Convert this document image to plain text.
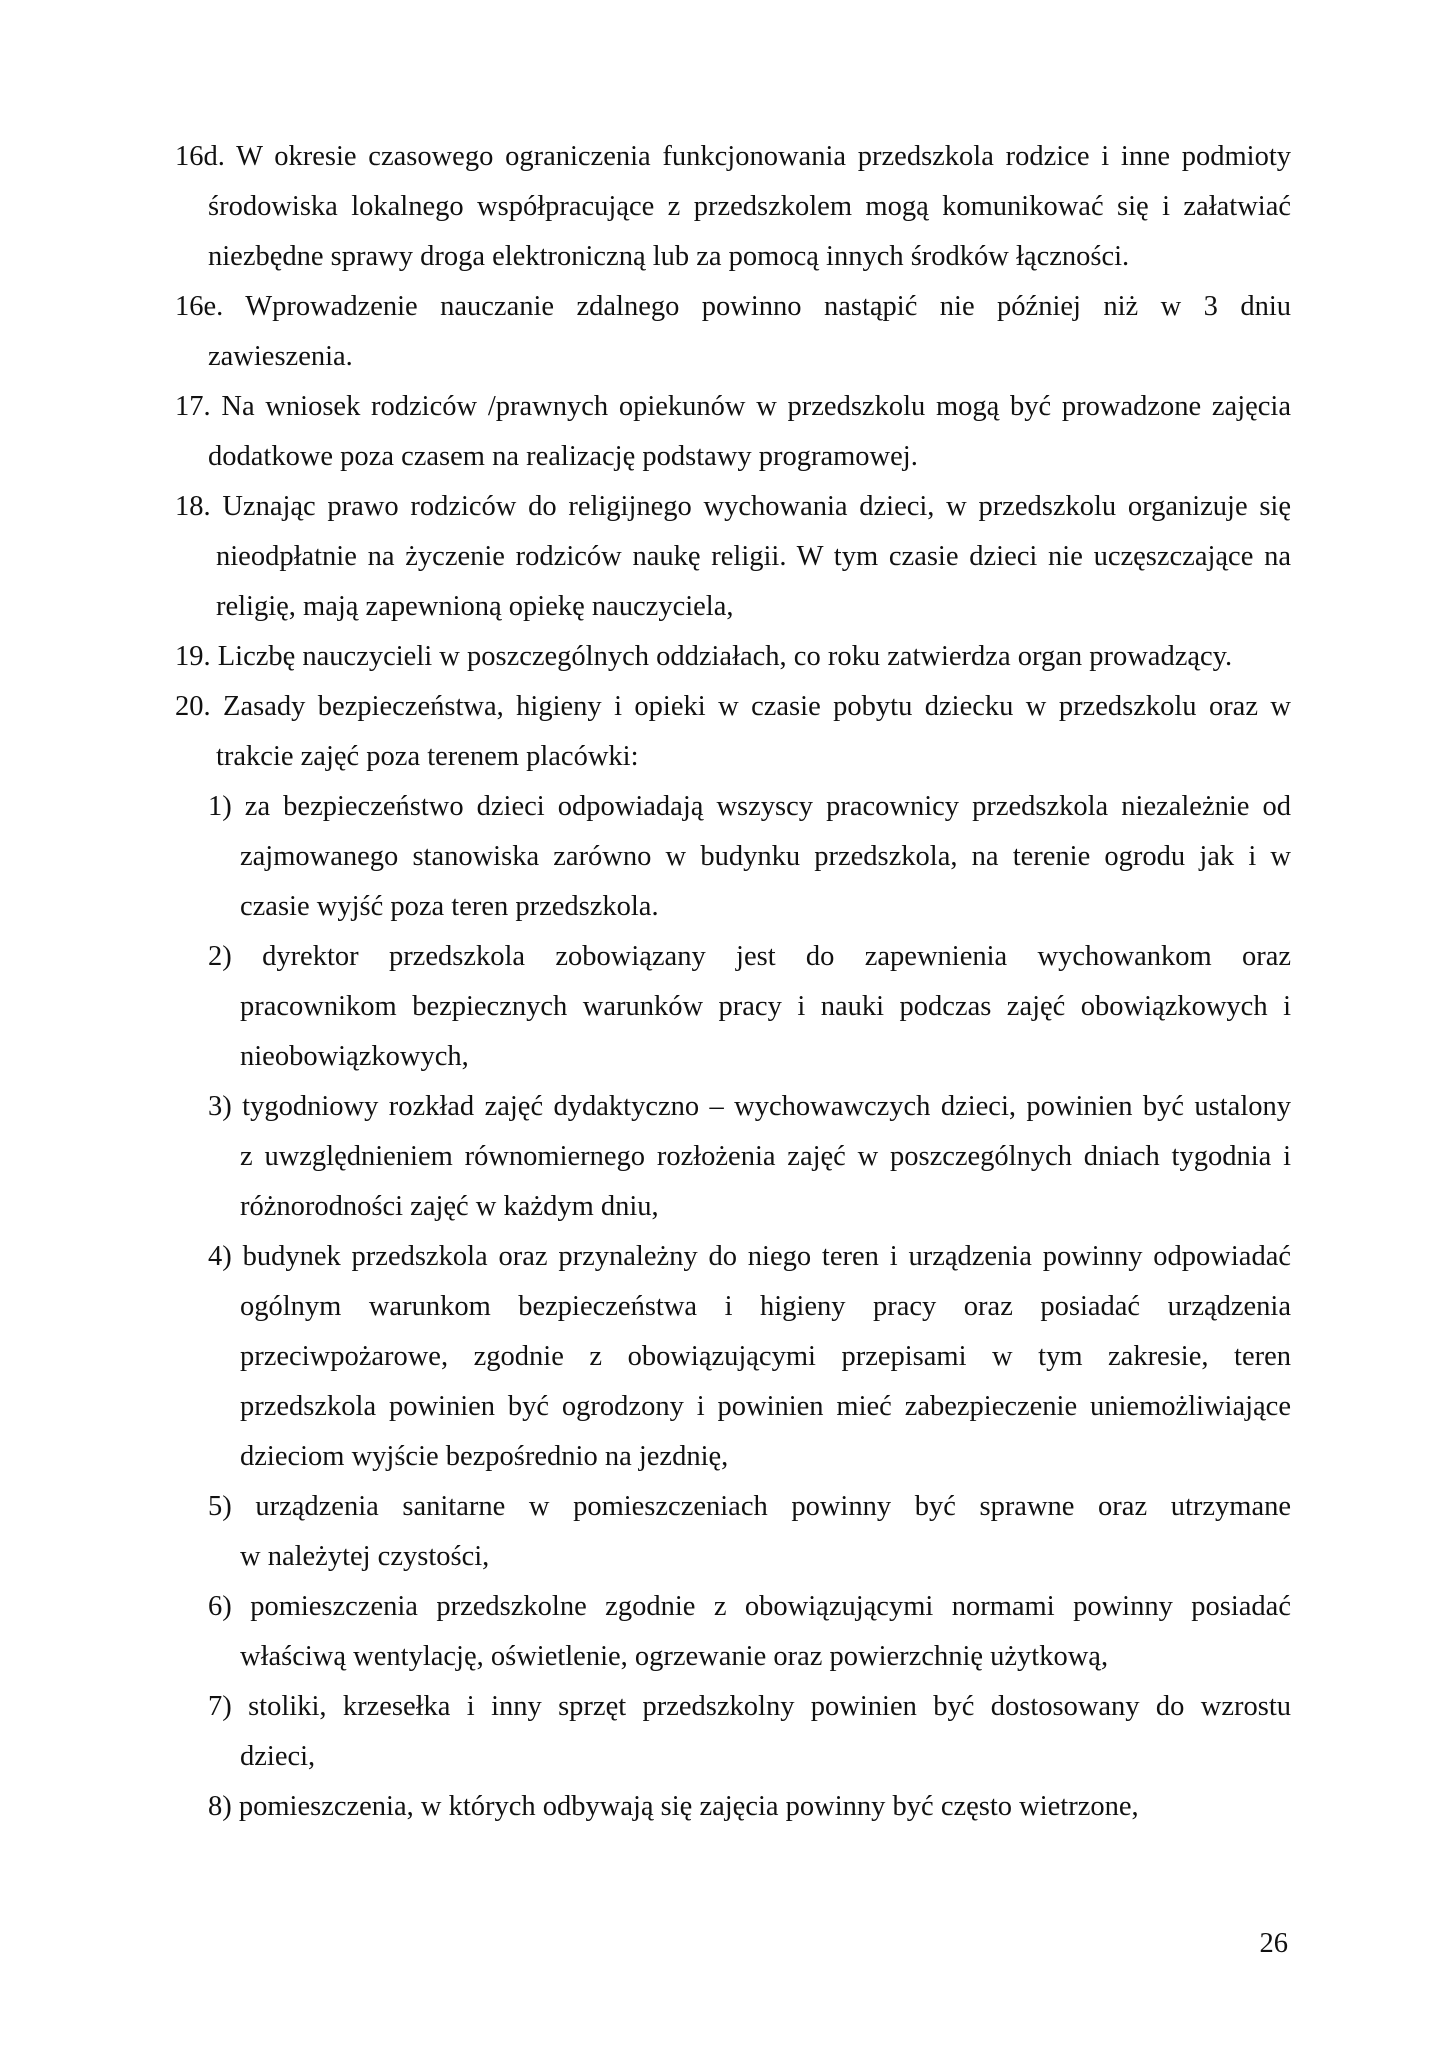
16d. W okresie czasowego ograniczenia funkcjonowania przedszkola rodzice i inne podmioty
środowiska lokalnego współpracujące z przedszkolem mogą komunikować się i załatwiać
niezbędne sprawy droga elektroniczną lub za pomocą innych środków łączności.
16e. Wprowadzenie nauczanie zdalnego powinno nastąpić nie później niż w 3 dniu
zawieszenia.
17. Na wniosek rodziców /prawnych opiekunów w przedszkolu mogą być prowadzone zajęcia
dodatkowe poza czasem na realizację podstawy programowej.
18. Uznając prawo rodziców do religijnego wychowania dzieci, w przedszkolu organizuje się
nieodpłatnie na życzenie rodziców naukę religii. W tym czasie dzieci nie uczęszczające na
religię, mają zapewnioną opiekę nauczyciela,
19. Liczbę nauczycieli w poszczególnych oddziałach, co roku zatwierdza organ prowadzący.
20. Zasady bezpieczeństwa, higieny i opieki w czasie pobytu dziecku w przedszkolu oraz w
trakcie zajęć poza terenem placówki:
1) za bezpieczeństwo dzieci odpowiadają wszyscy pracownicy przedszkola niezależnie od
zajmowanego stanowiska zarówno w budynku przedszkola, na terenie ogrodu jak i w
czasie wyjść poza teren przedszkola.
2) dyrektor przedszkola zobowiązany jest do zapewnienia wychowankom oraz
pracownikom bezpiecznych warunków pracy i nauki podczas zajęć obowiązkowych i
nieobowiązkowych,
3) tygodniowy rozkład zajęć dydaktyczno – wychowawczych dzieci, powinien być ustalony
z uwzględnieniem równomiernego rozłożenia zajęć w poszczególnych dniach tygodnia i
różnorodności zajęć w każdym dniu,
4) budynek przedszkola oraz przynależny do niego teren i urządzenia powinny odpowiadać
ogólnym warunkom bezpieczeństwa i higieny pracy oraz posiadać urządzenia
przeciwpożarowe, zgodnie z obowiązującymi przepisami w tym zakresie, teren
przedszkola powinien być ogrodzony i powinien mieć zabezpieczenie uniemożliwiające
dzieciom wyjście bezpośrednio na jezdnię,
5) urządzenia sanitarne w pomieszczeniach powinny być sprawne oraz utrzymane
w należytej czystości,
6) pomieszczenia przedszkolne zgodnie z obowiązującymi normami powinny posiadać
właściwą wentylację, oświetlenie, ogrzewanie oraz powierzchnię użytkową,
7) stoliki, krzesełka i inny sprzęt przedszkolny powinien być dostosowany do wzrostu
dzieci,
8) pomieszczenia, w których odbywają się zajęcia powinny być często wietrzone,
26
